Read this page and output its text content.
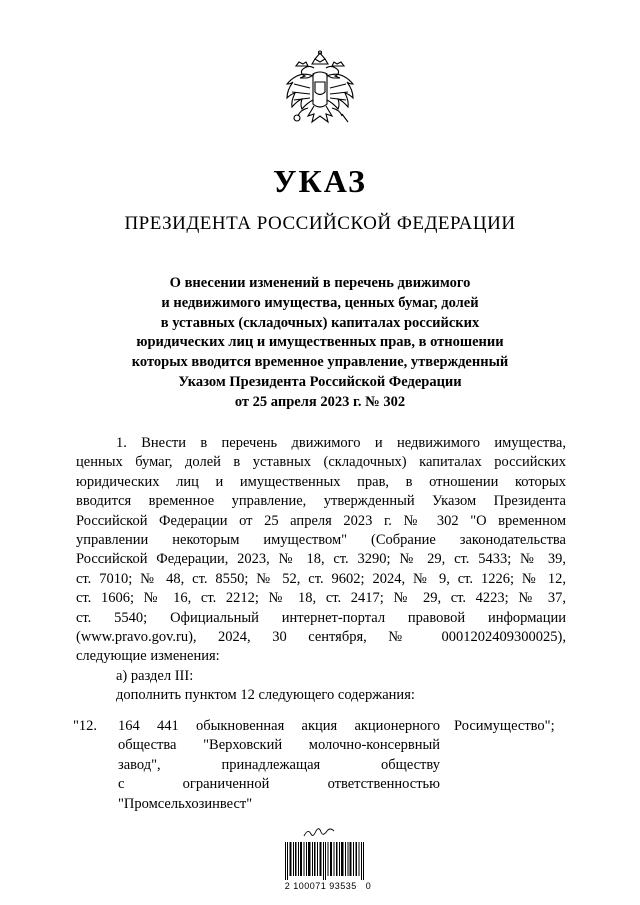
УКАЗ
ПРЕЗИДЕНТА РОССИЙСКОЙ ФЕДЕРАЦИИ
О внесении изменений в перечень движимого
и недвижимого имущества, ценных бумаг, долей
в уставных (складочных) капиталах российских
юридических лиц и имущественных прав, в отношении
которых вводится временное управление, утвержденный
Указом Президента Российской Федерации
от 25 апреля 2023 г. № 302
1. Внести в перечень движимого и недвижимого имущества,
ценных бумаг, долей в уставных (складочных) капиталах российских
юридических лиц и имущественных прав, в отношении которых
вводится временное управление, утвержденный Указом Президента
Российской Федерации от 25 апреля 2023 г. № 302 "О временном
управлении некоторым имуществом" (Собрание законодательства
Российской Федерации, 2023, № 18, ст. 3290; № 29, ст. 5433; № 39,
ст. 7010; № 48, ст. 8550; № 52, ст. 9602; 2024, № 9, ст. 1226; № 12,
ст. 1606; № 16, ст. 2212; № 18, ст. 2417; № 29, ст. 4223; № 37,
ст. 5540; Официальный интернет-портал правовой информации
(www.pravo.gov.ru), 2024, 30 сентября, № 0001202409300025),
следующие изменения:
а) раздел III:
дополнить пунктом 12 следующего содержания:
"12. 164 441 обыкновенная акция акционерного
общества "Верховский молочно-консервный
завод", принадлежащая обществу
с ограниченной ответственностью
"Промсельхозинвест"
Росимущество";
2 100071 93535   0
